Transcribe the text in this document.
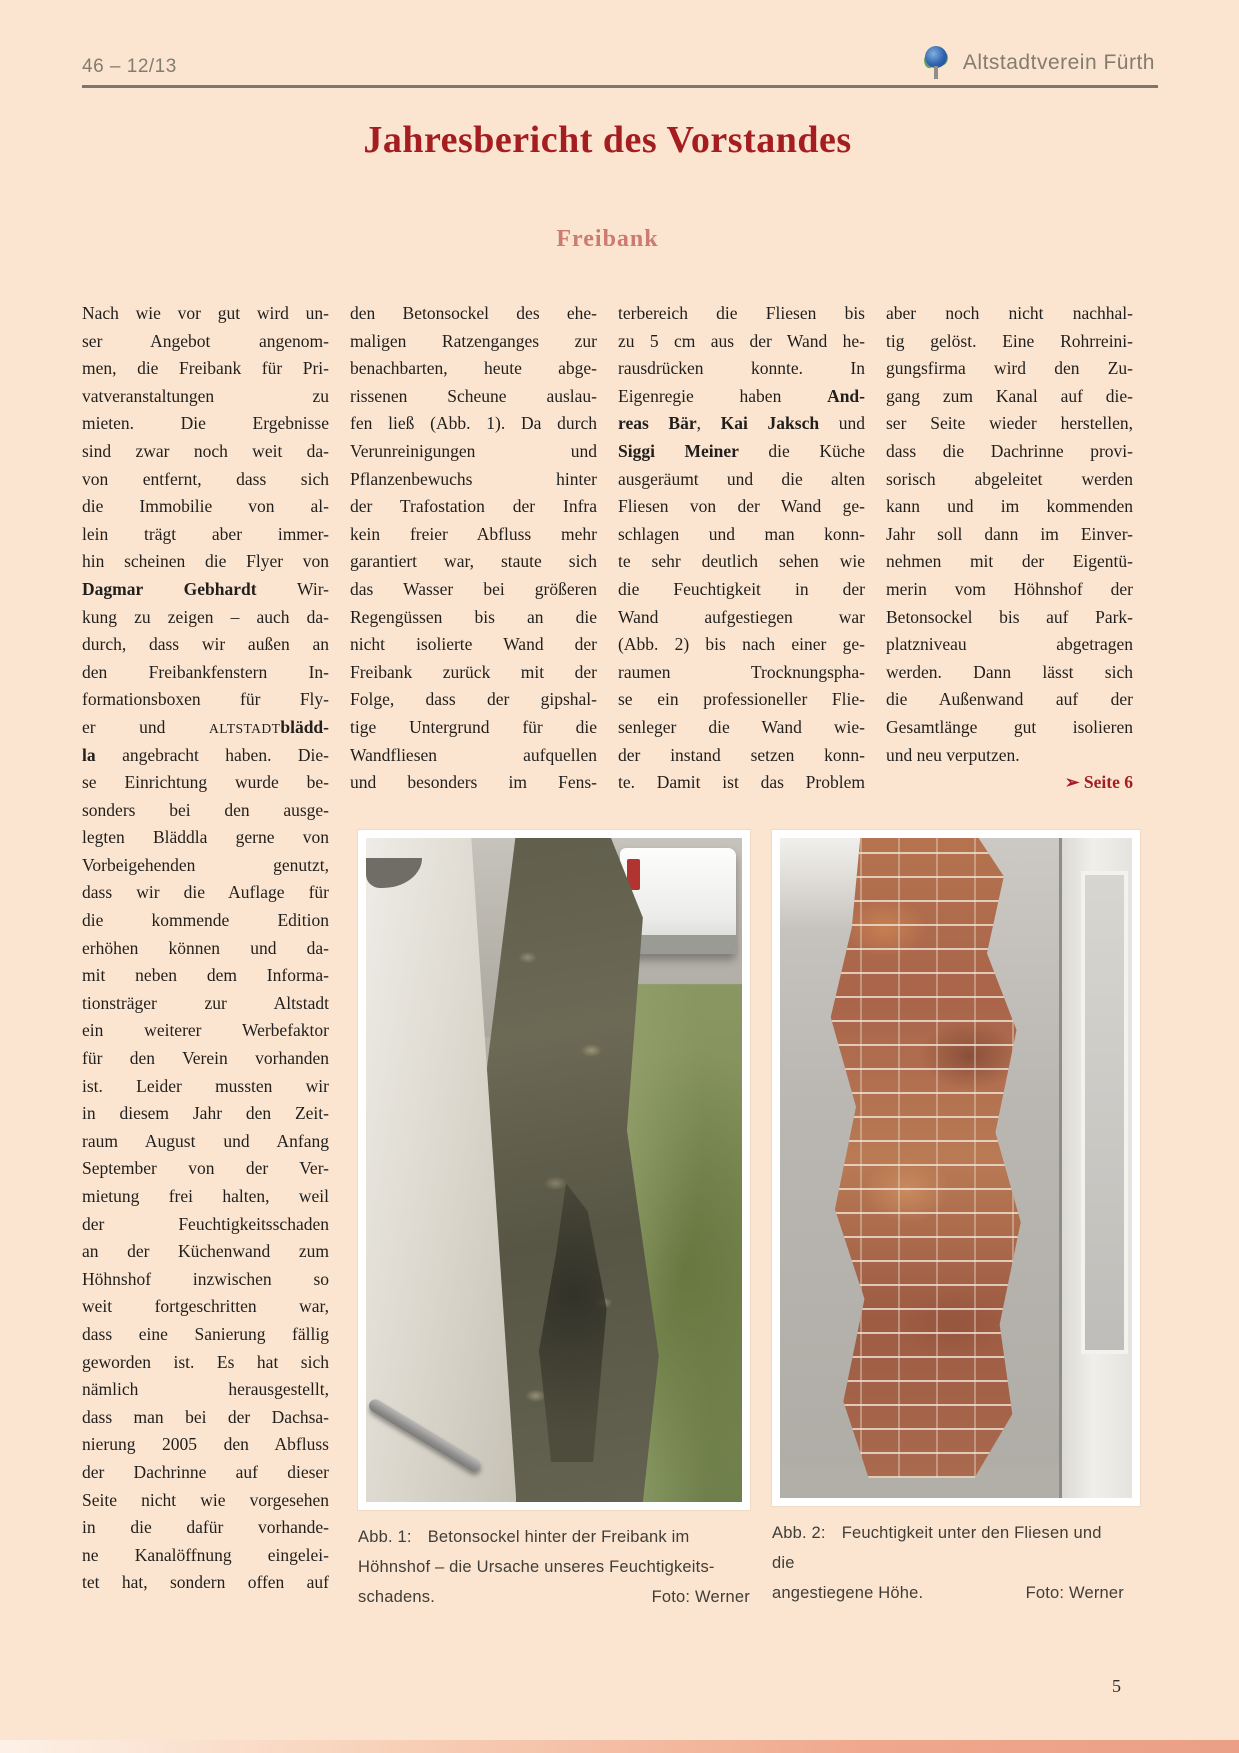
46 – 12/13	Altstadtverein Fürth
Jahresbericht des Vorstandes
Freibank
Nach wie vor gut wird un-
ser Angebot angenom-
men, die Freibank für Pri-
vatveranstaltungen zu
mieten. Die Ergebnisse
sind zwar noch weit da-
von entfernt, dass sich
die Immobilie von al-
lein trägt aber immer-
hin scheinen die Flyer von
Dagmar Gebhardt Wir-
kung zu zeigen – auch da-
durch, dass wir außen an
den Freibankfenstern In-
formationsboxen für Fly-
er und ALTSTADTblädd-
la angebracht haben. Die-
se Einrichtung wurde be-
sonders bei den ausge-
legten Bläddla gerne von
Vorbeigehenden genutzt,
dass wir die Auflage für
die kommende Edition
erhöhen können und da-
mit neben dem Informa-
tionsträger zur Altstadt
ein weiterer Werbefaktor
für den Verein vorhanden
ist. Leider mussten wir
in diesem Jahr den Zeit-
raum August und Anfang
September von der Ver-
mietung frei halten, weil
der Feuchtigkeitsschaden
an der Küchenwand zum
Höhnshof inzwischen so
weit fortgeschritten war,
dass eine Sanierung fällig
geworden ist. Es hat sich
nämlich herausgestellt,
dass man bei der Dachsa-
nierung 2005 den Abfluss
der Dachrinne auf dieser
Seite nicht wie vorgesehen
in die dafür vorhande-
ne Kanalöffnung eingelei-
tet hat, sondern offen auf
den Betonsockel des ehe-
maligen Ratzenganges zur
benachbarten, heute abge-
rissenen Scheune auslau-
fen ließ (Abb. 1). Da durch
Verunreinigungen und
Pflanzenbewuchs hinter
der Trafostation der Infra
kein freier Abfluss mehr
garantiert war, staute sich
das Wasser bei größeren
Regengüssen bis an die
nicht isolierte Wand der
Freibank zurück mit der
Folge, dass der gipshal-
tige Untergrund für die
Wandfliesen aufquellen
und besonders im Fens-
terbereich die Fliesen bis
zu 5 cm aus der Wand he-
rausdrücken konnte. In
Eigenregie haben And-
reas Bär, Kai Jaksch und
Siggi Meiner die Küche
ausgeräumt und die alten
Fliesen von der Wand ge-
schlagen und man konn-
te sehr deutlich sehen wie
die Feuchtigkeit in der
Wand aufgestiegen war
(Abb. 2) bis nach einer ge-
raumen Trocknungspha-
se ein professioneller Flie-
senleger die Wand wie-
der instand setzen konn-
te. Damit ist das Problem
aber noch nicht nachhal-
tig gelöst. Eine Rohrreini-
gungsfirma wird den Zu-
gang zum Kanal auf die-
ser Seite wieder herstellen,
dass die Dachrinne provi-
sorisch abgeleitet werden
kann und im kommenden
Jahr soll dann im Einver-
nehmen mit der Eigentü-
merin vom Höhnshof der
Betonsockel bis auf Park-
platzniveau abgetragen
werden. Dann lässt sich
die Außenwand auf der
Gesamtlänge gut isolieren
und neu verputzen.
➢ Seite 6
Abb. 1: Betonsockel hinter der Freibank im
Höhnshof – die Ursache unseres Feuchtigkeits-
schadens.	Foto: Werner
Abb. 2: Feuchtigkeit unter den Fliesen und die
angestiegene Höhe.	Foto: Werner
5
